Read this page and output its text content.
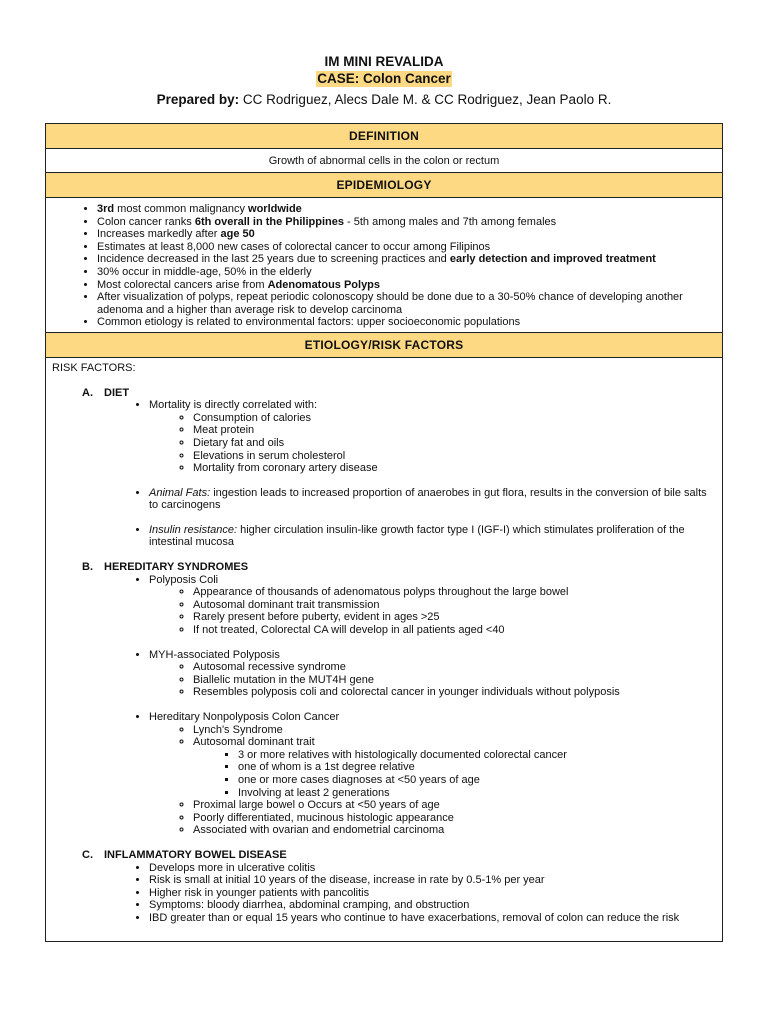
IM MINI REVALIDA
CASE: Colon Cancer
Prepared by: CC Rodriguez, Alecs Dale M. & CC Rodriguez, Jean Paolo R.
DEFINITION
Growth of abnormal cells in the colon or rectum
EPIDEMIOLOGY

• 3rd most common malignancy worldwide
• Colon cancer ranks 6th overall in the Philippines - 5th among males and 7th among females
• Increases markedly after age 50
• Estimates at least 8,000 new cases of colorectal cancer to occur among Filipinos
• Incidence decreased in the last 25 years due to screening practices and early detection and improved treatment
• 30% occur in middle-age, 50% in the elderly
• Most colorectal cancers arise from Adenomatous Polyps
• After visualization of polyps, repeat periodic colonoscopy should be done due to a 30-50% chance of developing another adenoma and a higher than average risk to develop carcinoma
• Common etiology is related to environmental factors: upper socioeconomic populations

ETIOLOGY/RISK FACTORS

RISK FACTORS:
A. DIET
• Mortality is directly correlated with:
◦ Consumption of calories
◦ Meat protein
◦ Dietary fat and oils
◦ Elevations in serum cholesterol
◦ Mortality from coronary artery disease
• Animal Fats: ingestion leads to increased proportion of anaerobes in gut flora, results in the conversion of bile salts to carcinogens
• Insulin resistance: higher circulation insulin-like growth factor type I (IGF-I) which stimulates proliferation of the intestinal mucosa
B. HEREDITARY SYNDROMES
• Polyposis Coli
◦ Appearance of thousands of adenomatous polyps throughout the large bowel
◦ Autosomal dominant trait transmission
◦ Rarely present before puberty, evident in ages >25
◦ If not treated, Colorectal CA will develop in all patients aged <40
• MYH-associated Polyposis
◦ Autosomal recessive syndrome
◦ Biallelic mutation in the MUT4H gene
◦ Resembles polyposis coli and colorectal cancer in younger individuals without polyposis
• Hereditary Nonpolyposis Colon Cancer
◦ Lynch's Syndrome
◦ Autosomal dominant trait
▪ 3 or more relatives with histologically documented colorectal cancer
▪ one of whom is a 1st degree relative
▪ one or more cases diagnoses at <50 years of age
▪ Involving at least 2 generations
◦ Proximal large bowel o Occurs at <50 years of age
◦ Poorly differentiated, mucinous histologic appearance
◦ Associated with ovarian and endometrial carcinoma
C. INFLAMMATORY BOWEL DISEASE
• Develops more in ulcerative colitis
• Risk is small at initial 10 years of the disease, increase in rate by 0.5-1% per year
• Higher risk in younger patients with pancolitis
• Symptoms: bloody diarrhea, abdominal cramping, and obstruction
• IBD greater than or equal 15 years who continue to have exacerbations, removal of colon can reduce the risk
